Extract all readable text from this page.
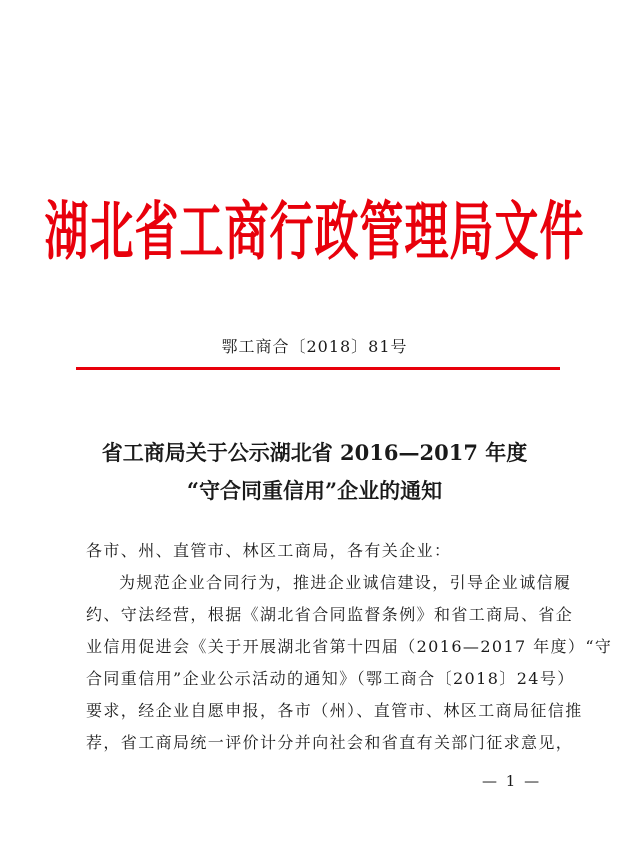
湖北省工商行政管理局文件
鄂工商合〔2018〕81号
省工商局关于公示湖北省 2016—2017 年度
“守合同重信用”企业的通知

各市、州、直管市、林区工商局，各有关企业：

为规范企业合同行为，推进企业诚信建设，引导企业诚信履
约、守法经营，根据《湖北省合同监督条例》和省工商局、省企
业信用促进会《关于开展湖北省第十四届（2016—2017 年度）“守
合同重信用”企业公示活动的通知》（鄂工商合〔2018〕24号）
要求，经企业自愿申报，各市（州）、直管市、林区工商局征信推
荐，省工商局统一评价计分并向社会和省直有关部门征求意见，
— 1 —
